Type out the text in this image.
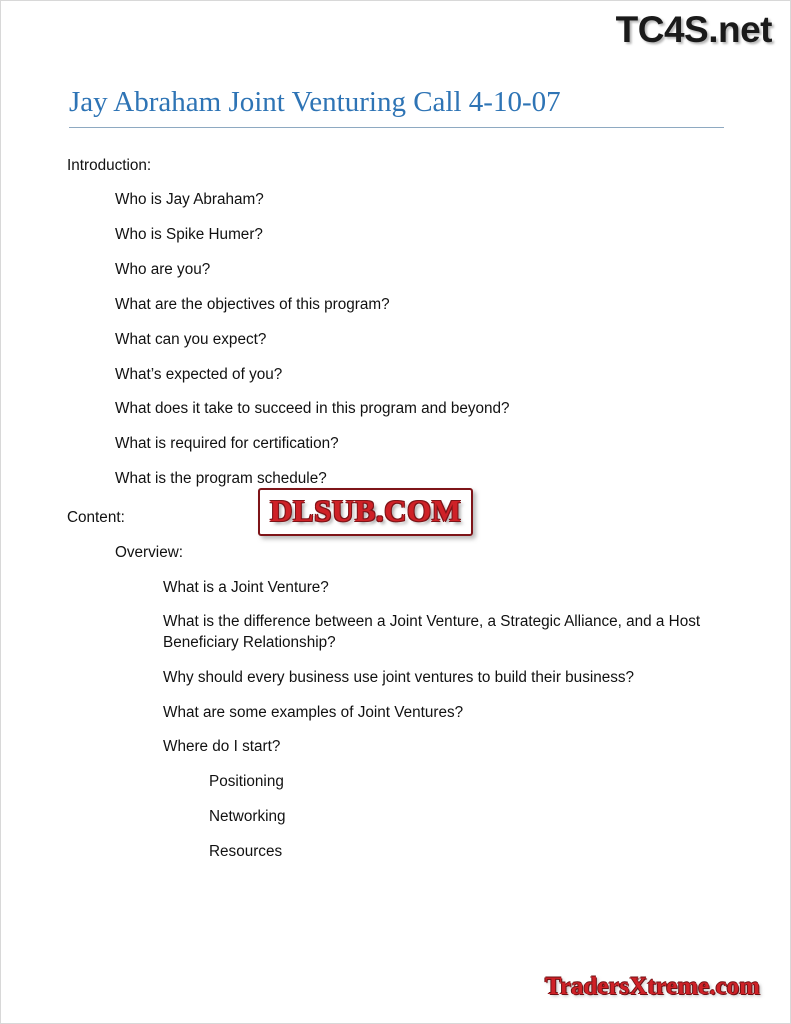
TC4S.net
Jay Abraham Joint Venturing Call 4-10-07
Introduction:
Who is Jay Abraham?
Who is Spike Humer?
Who are you?
What are the objectives of this program?
What can you expect?
What’s expected of you?
What does it take to succeed in this program and beyond?
What is required for certification?
What is the program schedule?
Content:
Overview:
What is a Joint Venture?
What is the difference between a Joint Venture, a Strategic Alliance, and a Host Beneficiary Relationship?
Why should every business use joint ventures to build their business?
What are some examples of Joint Ventures?
Where do I start?
Positioning
Networking
Resources
DLSUB.COM
TradersXtreme.com
